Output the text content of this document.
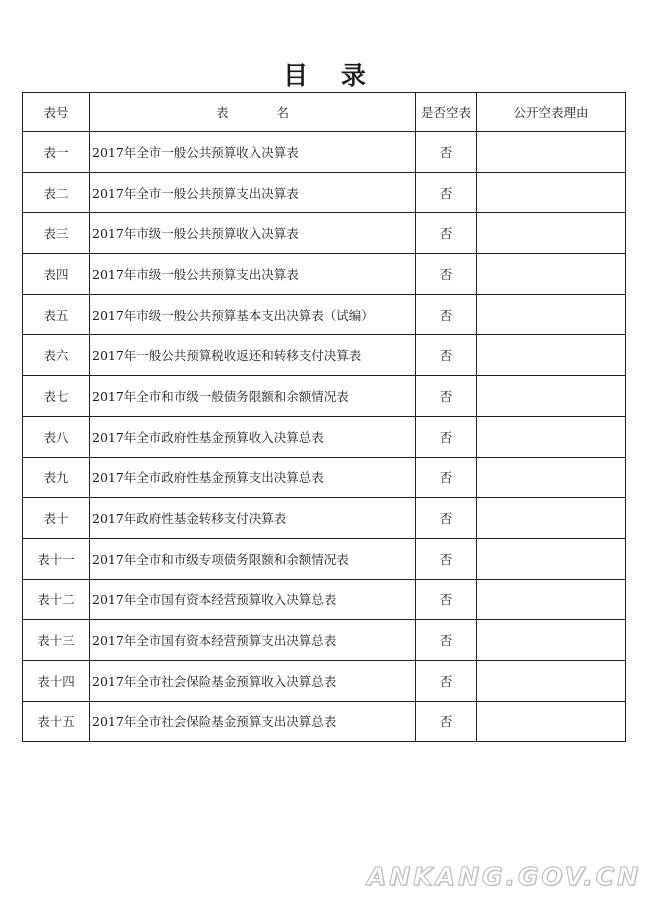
目 录
表号	表 名	是否空表	公开空表理由
表一	2017年全市一般公共预算收入决算表	否	
表二	2017年全市一般公共预算支出决算表	否	
表三	2017年市级一般公共预算收入决算表	否	
表四	2017年市级一般公共预算支出决算表	否	
表五	2017年市级一般公共预算基本支出决算表（试编）	否	
表六	2017年一般公共预算税收返还和转移支付决算表	否	
表七	2017年全市和市级一般债务限额和余额情况表	否	
表八	2017年全市政府性基金预算收入决算总表	否	
表九	2017年全市政府性基金预算支出决算总表	否	
表十	2017年政府性基金转移支付决算表	否	
表十一	2017年全市和市级专项债务限额和余额情况表	否	
表十二	2017年全市国有资本经营预算收入决算总表	否	
表十三	2017年全市国有资本经营预算支出决算总表	否	
表十四	2017年全市社会保险基金预算收入决算总表	否	
表十五	2017年全市社会保险基金预算支出决算总表	否	
ANKANG.GOV.CN
